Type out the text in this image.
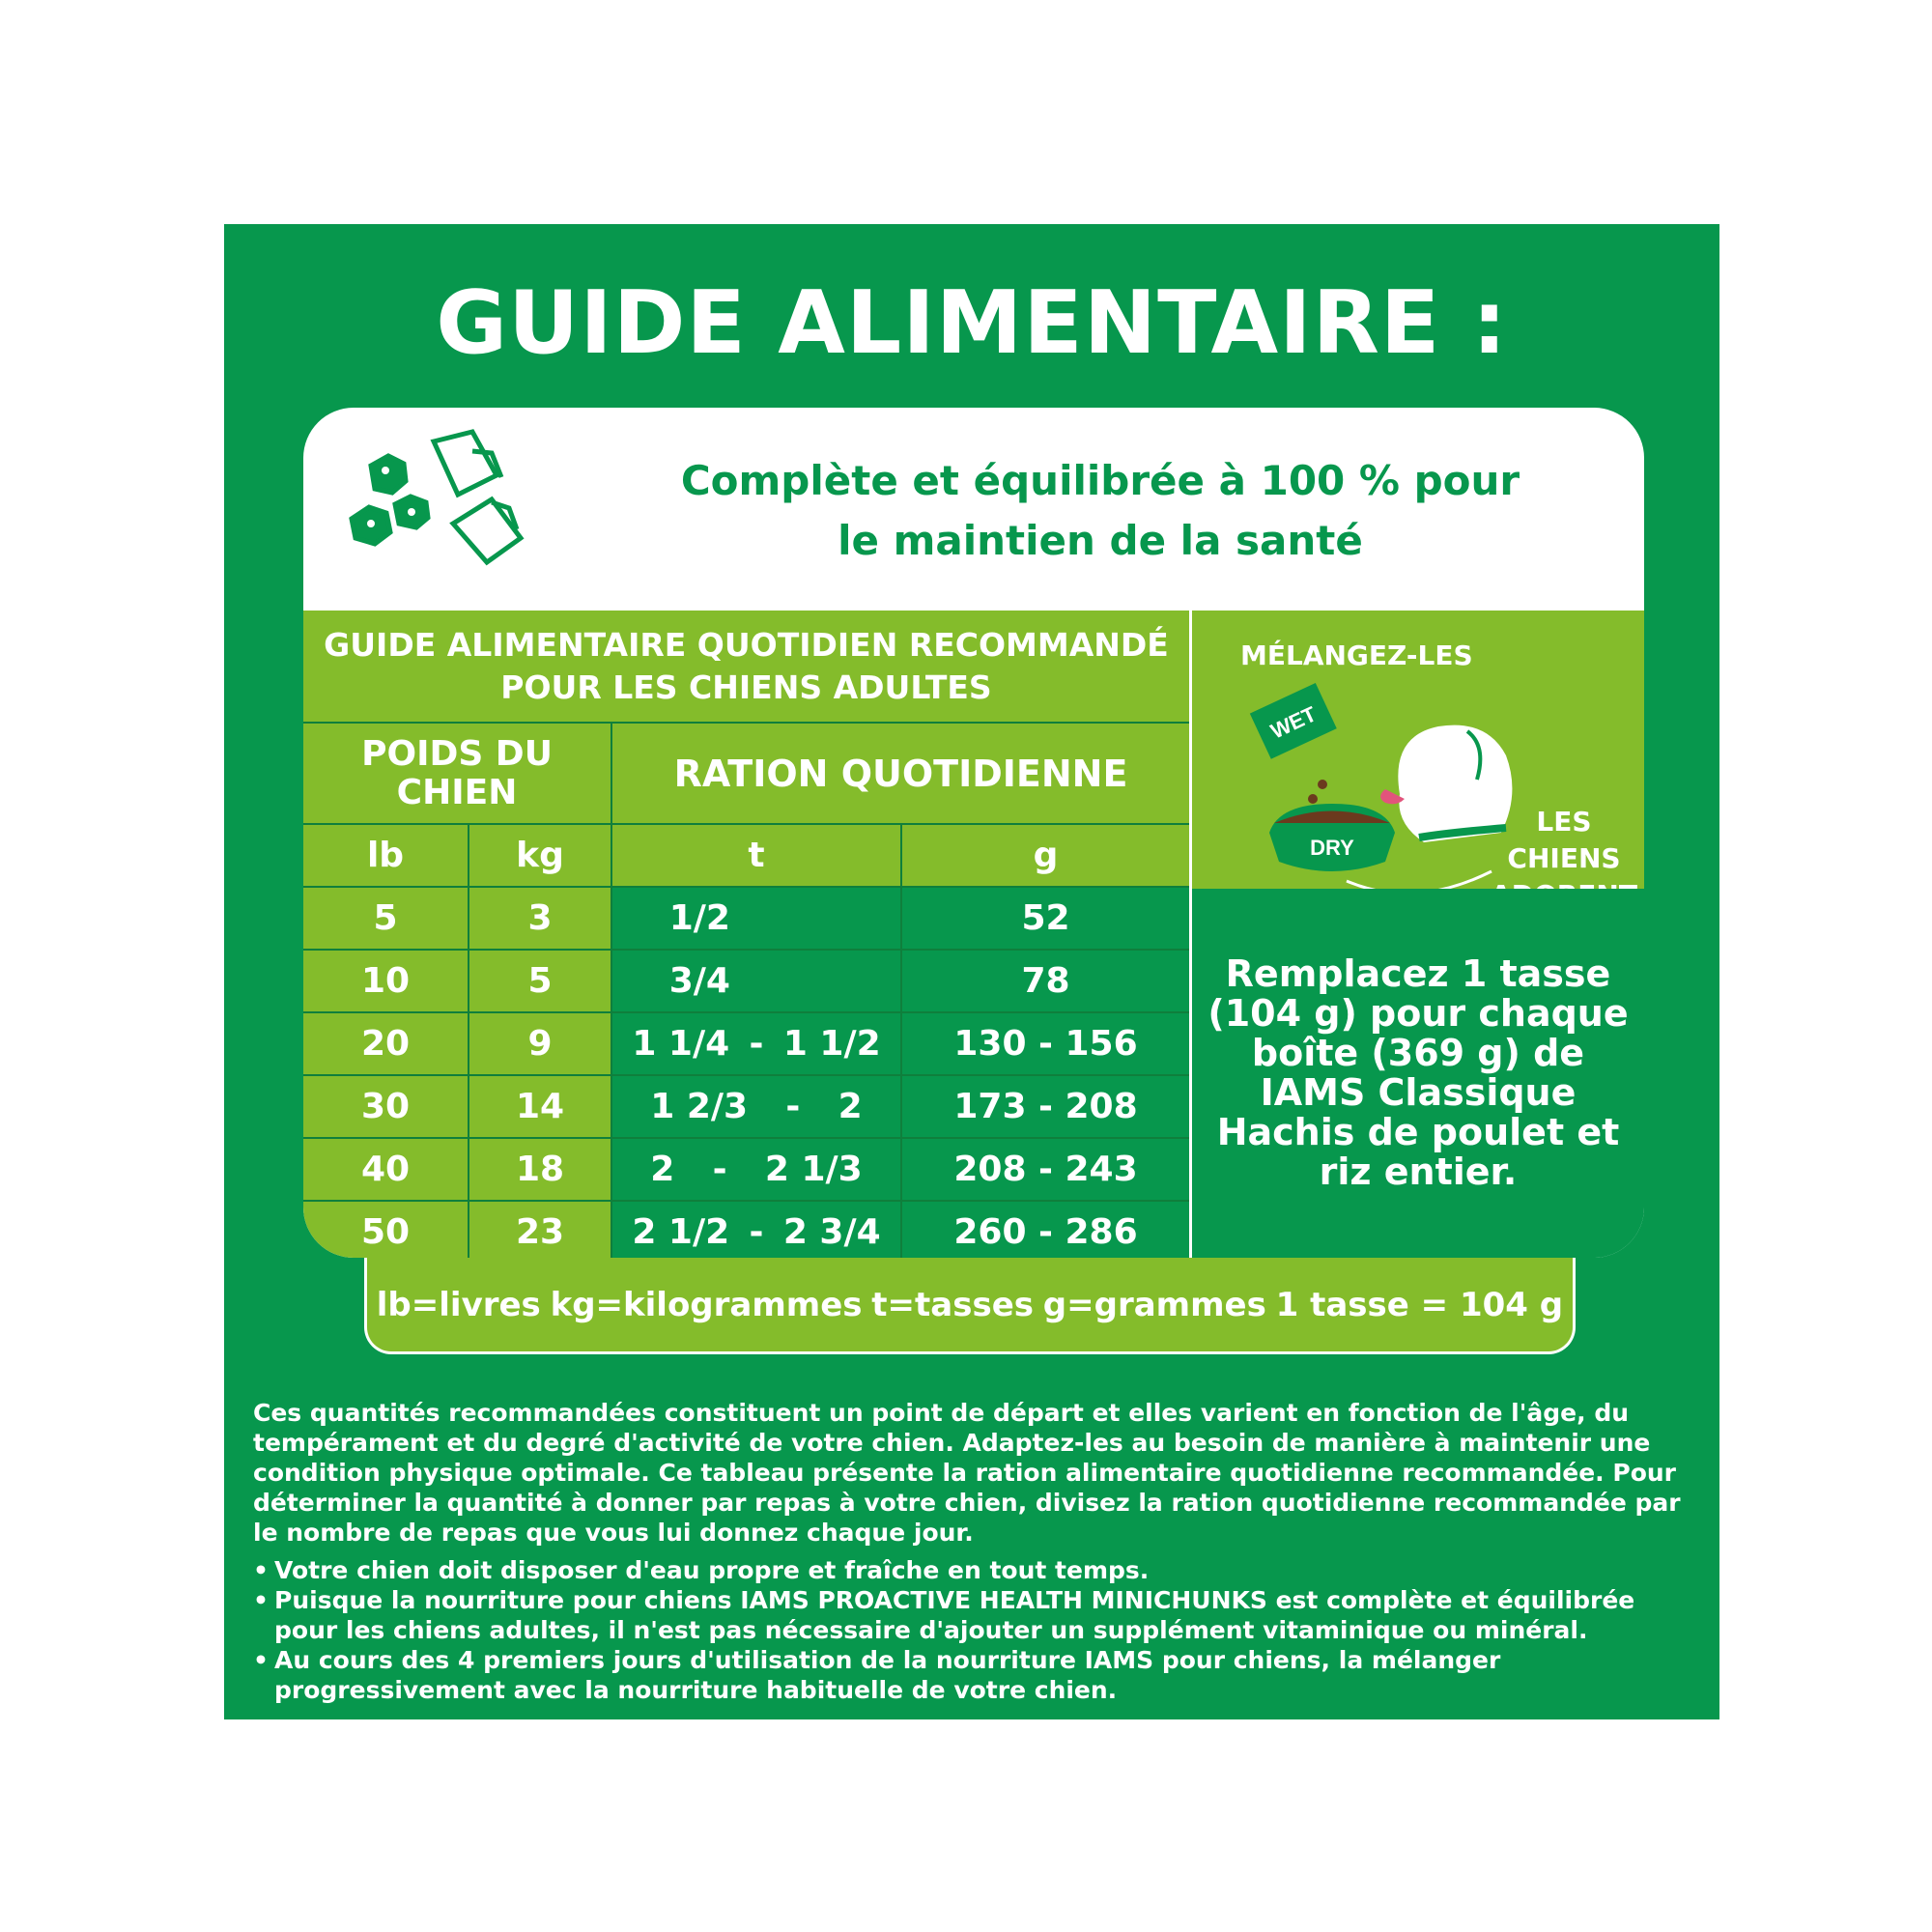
GUIDE ALIMENTAIRE :
Complète et équilibrée à 100 % pour
le maintien de la santé
GUIDE ALIMENTAIRE QUOTIDIEN RECOMMANDÉ
POUR LES CHIENS ADULTES
POIDS DU
CHIEN	RATION QUOTIDIENNE
lb	kg	t	g
5	3	1/2	52
10	5	3/4	78
20	9	1 1/4 - 1 1/2	130 - 156
30	14	1 2/3 - 2	173 - 208
40	18	2 - 2 1/3	208 - 243
50	23	2 1/2 - 2 3/4	260 - 286
MÉLANGEZ-LES
WET
DRY
LES CHIENS
Remplacez 1 tasse
(104 g) pour chaque
boîte (369 g) de
IAMS Classique
Hachis de poulet et
riz entier.
lb=livres kg=kilogrammes t=tasses g=grammes 1 tasse = 104 g

Ces quantités recommandées constituent un point de départ et elles varient en fonction de l'âge, du tempérament et du degré d'activité de votre chien. Adaptez-les au besoin de manière à maintenir une condition physique optimale. Ce tableau présente la ration alimentaire quotidienne recommandée. Pour déterminer la quantité à donner par repas à votre chien, divisez la ration quotidienne recommandée par le nombre de repas que vous lui donnez chaque jour.

• Votre chien doit disposer d'eau propre et fraîche en tout temps.
• Puisque la nourriture pour chiens IAMS PROACTIVE HEALTH MINICHUNKS est complète et équilibrée pour les chiens adultes, il n'est pas nécessaire d'ajouter un supplément vitaminique ou minéral.
• Au cours des 4 premiers jours d'utilisation de la nourriture IAMS pour chiens, la mélanger progressivement avec la nourriture habituelle de votre chien.
